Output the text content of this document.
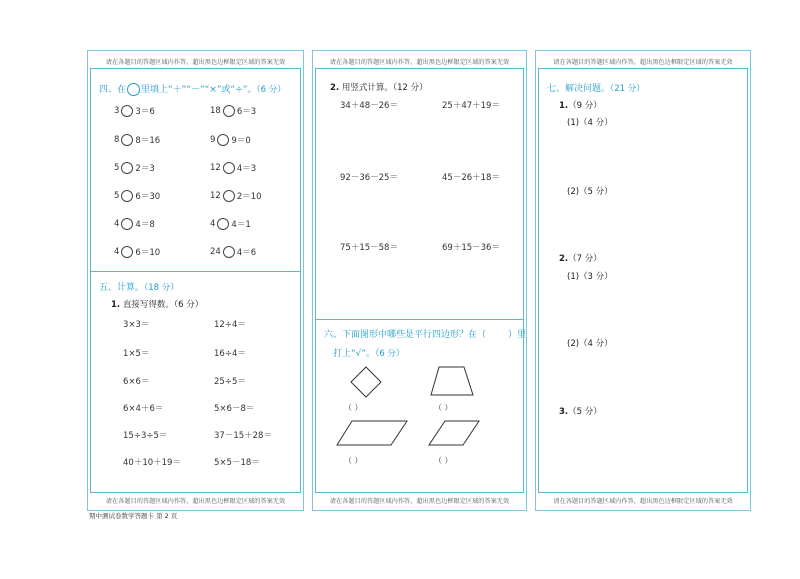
请在各题目的答题区域内作答，超出黑色边框限定区域的答案无效
四、在 里填上“＋”“－”“×”或“÷”。（6 分）
3 3＝6
8 8＝16
5 2＝3
5 6＝30
4 4＝8
4 6＝10
18 6＝3
9 9＝0
12 4＝3
12 2＝10
4 4＝1
24 4＝6
五、计算。（18 分）
1. 直接写得数。（6 分）
3×3＝
1×5＝
6×6＝
6×4＋6＝
15÷3÷5＝
40＋10＋19＝
12÷4＝
16÷4＝
25÷5＝
5×6－8＝
37－15＋28＝
5×5－18＝
请在各题目的答题区域内作答，超出黑色边框限定区域的答案无效
请在各题目的答题区域内作答，超出黑色边框限定区域的答案无效
2. 用竖式计算。（12 分）
34＋48－26＝
92－36－25＝
75＋15－58＝
25＋47＋19＝
45－26＋18＝
69＋15－36＝
六、下面图形中哪些是平行四边形？在（ ）里
打上“√”。（6 分）
（ ）	（ ）
（ ）	（ ）
请在各题目的答题区域内作答，超出黑色边框限定区域的答案无效
请在各题目的答题区域内作答，超出黑色边框限定区域的答案无效
七、解决问题。（21 分）
1.（9 分）
(1)（4 分）
(2)（5 分）
2.（7 分）
(1)（3 分）
(2)（4 分）
3.（5 分）
请在各题目的答题区域内作答，超出黑色边框限定区域的答案无效
期中测试卷数学答题卡 第 2 页
